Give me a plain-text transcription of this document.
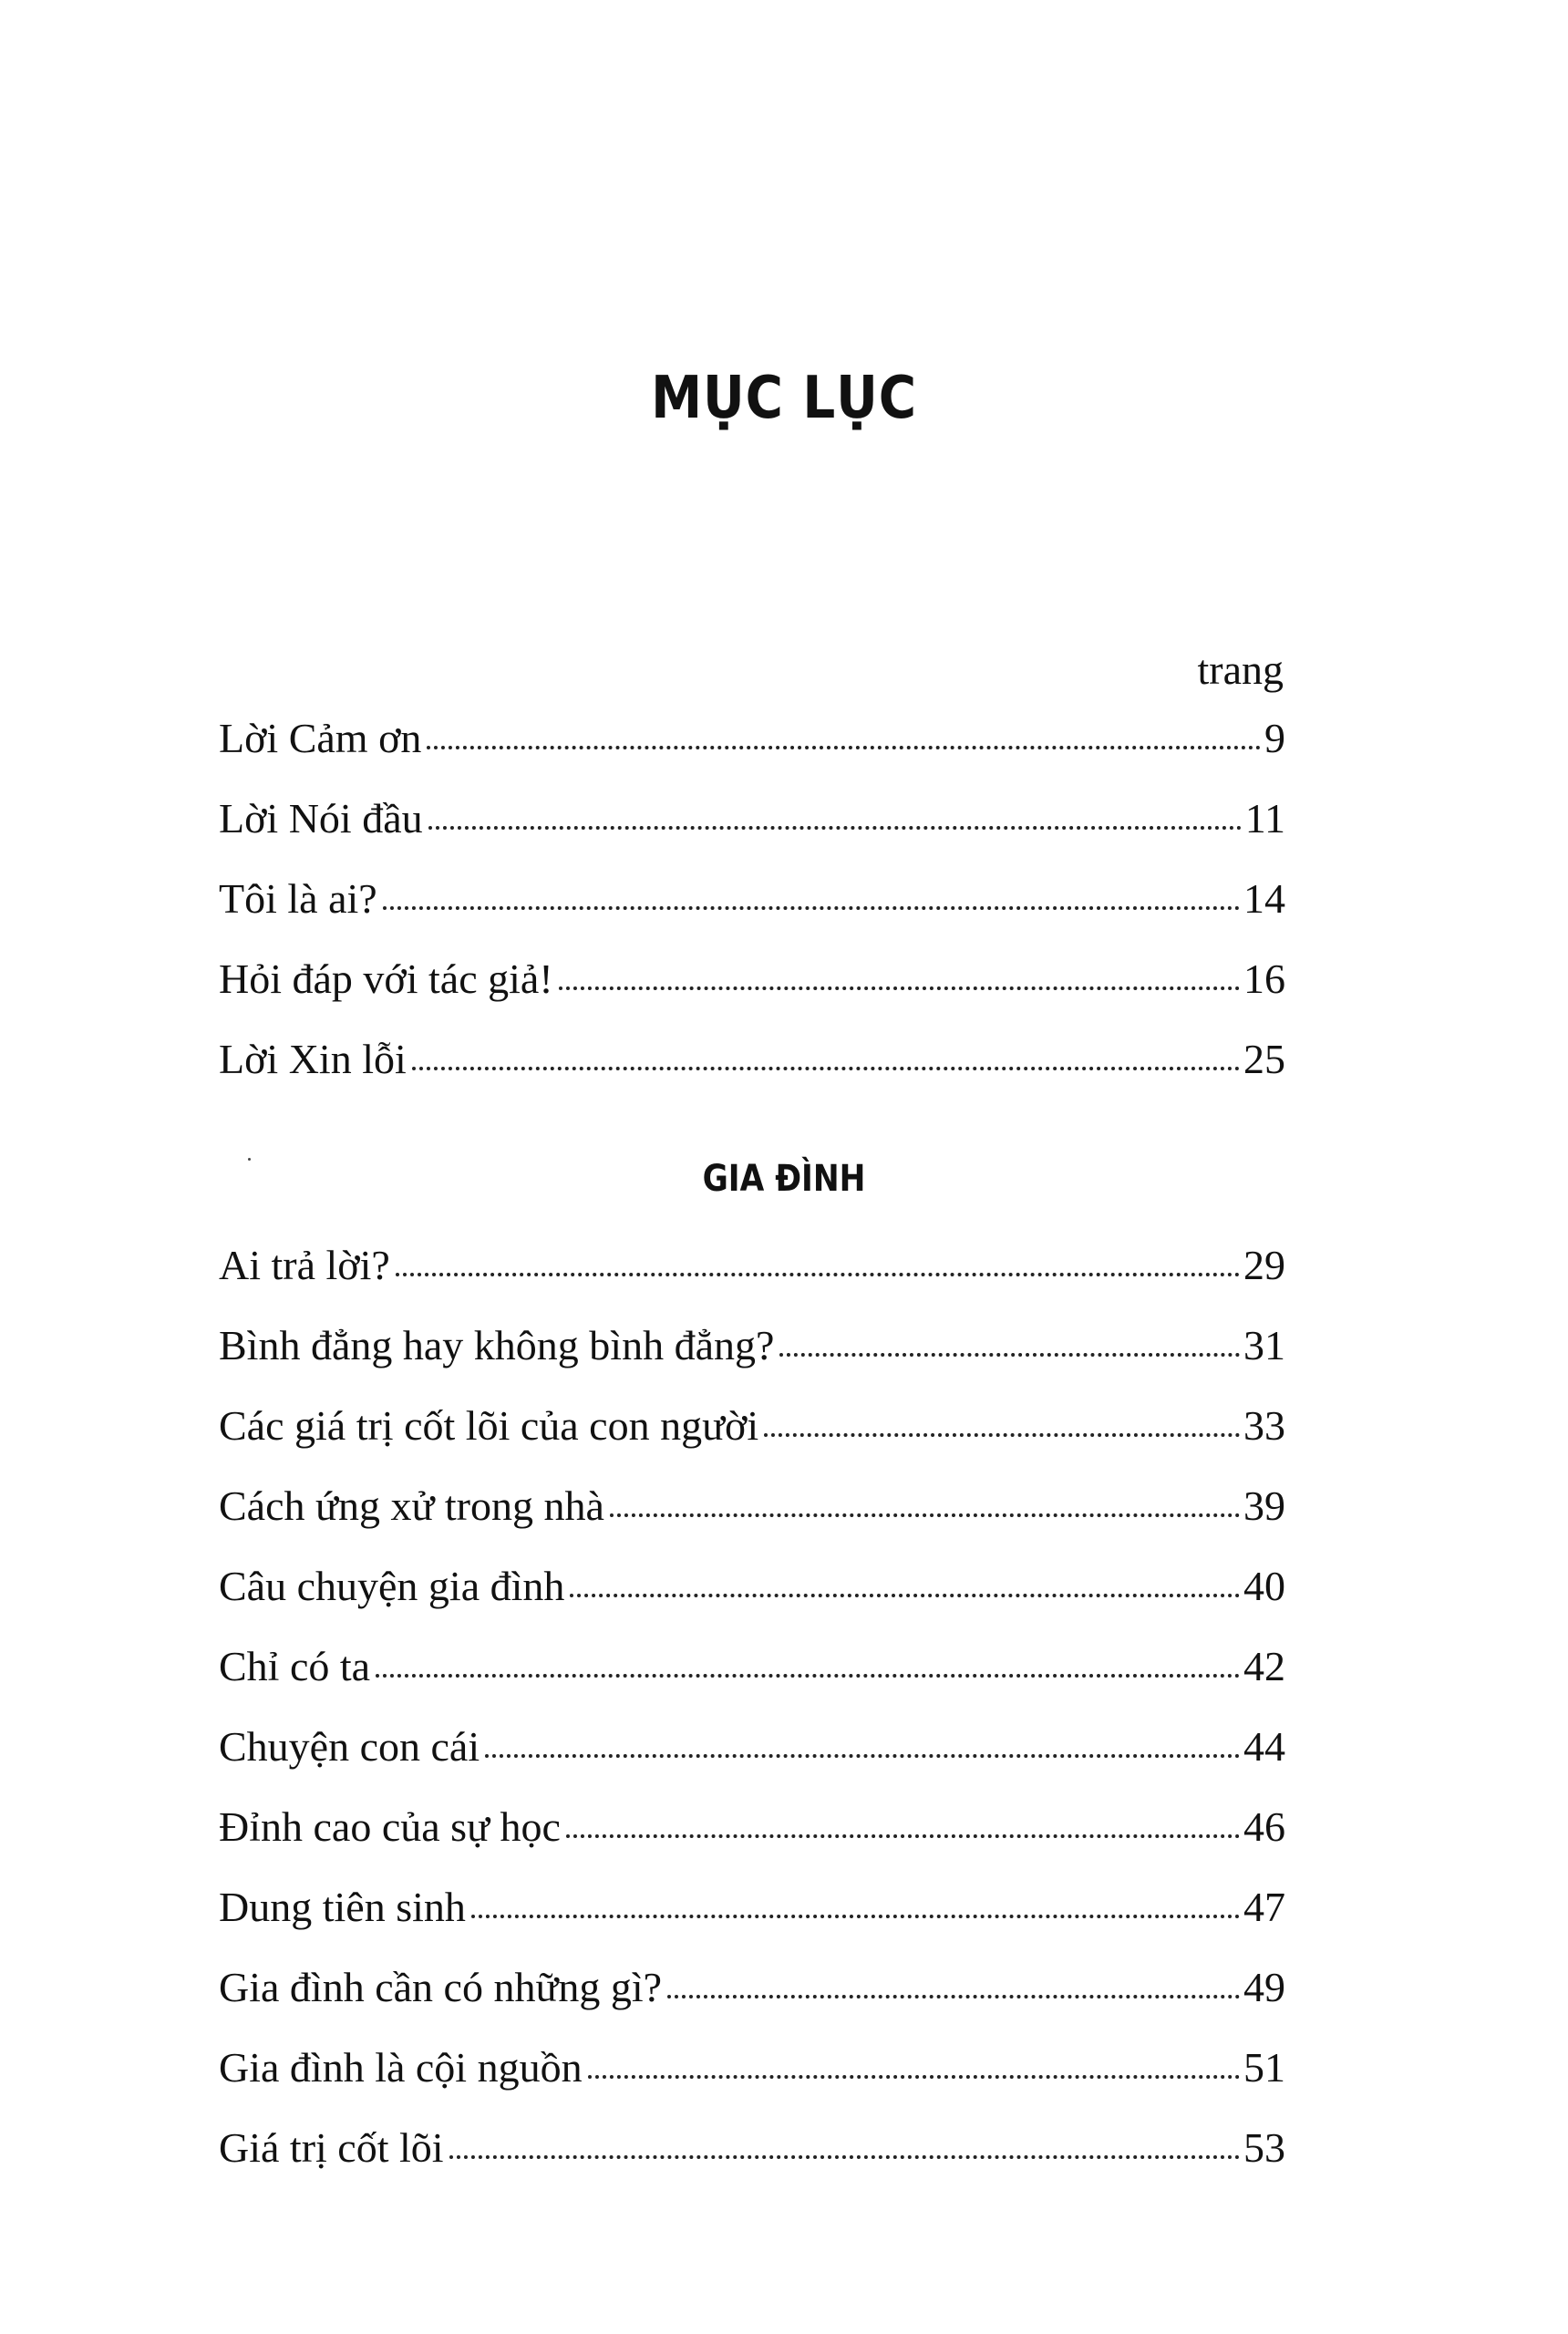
MỤC LỤC
trang
Lời Cảm ơn	9
Lời Nói đầu	11
Tôi là ai?	14
Hỏi đáp với tác giả!	16
Lời Xin lỗi	25
GIA ĐÌNH
Ai trả lời?	29
Bình đẳng hay không bình đẳng?	31
Các giá trị cốt lõi của con người	33
Cách ứng xử trong nhà	39
Câu chuyện gia đình	40
Chỉ có ta	42
Chuyện con cái	44
Đỉnh cao của sự học	46
Dung tiên sinh	47
Gia đình cần có những gì?	49
Gia đình là cội nguồn	51
Giá trị cốt lõi	53
